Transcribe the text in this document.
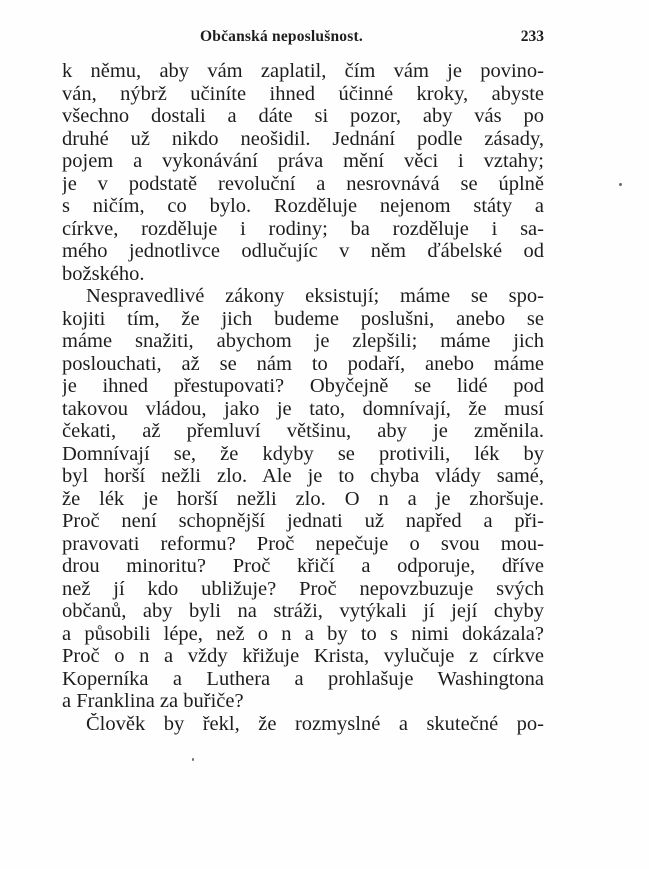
Občanská neposlušnost.	233
k němu, aby vám zaplatil, čím vám je povino-
ván, nýbrž učiníte ihned účinné kroky, abyste
všechno dostali a dáte si pozor, aby vás po
druhé už nikdo neošidil. Jednání podle zásady,
pojem a vykonávání práva mění věci i vztahy;
je v podstatě revoluční a nesrovnává se úplně
s ničím, co bylo. Rozděluje nejenom státy a
církve, rozděluje i rodiny; ba rozděluje i sa-
mého jednotlivce odlučujíc v něm ďábelské od
božského.
Nespravedlivé zákony eksistují; máme se spo-
kojiti tím, že jich budeme poslušni, anebo se
máme snažiti, abychom je zlepšili; máme jich
poslouchati, až se nám to podaří, anebo máme
je ihned přestupovati? Obyčejně se lidé pod
takovou vládou, jako je tato, domnívají, že musí
čekati, až přemluví většinu, aby je změnila.
Domnívají se, že kdyby se protivili, lék by
byl horší nežli zlo. Ale je to chyba vlády samé,
že lék je horší nežli zlo. O n a je zhoršuje.
Proč není schopnější jednati už napřed a při-
pravovati reformu? Proč nepečuje o svou mou-
drou minoritu? Proč křičí a odporuje, dříve
než jí kdo ubližuje? Proč nepovzbuzuje svých
občanů, aby byli na stráži, vytýkali jí její chyby
a působili lépe, než o n a by to s nimi dokázala?
Proč o n a vždy křižuje Krista, vylučuje z církve
Koperníka a Luthera a prohlašuje Washingtona
a Franklina za buřiče?
Člověk by řekl, že rozmyslné a skutečné po-
